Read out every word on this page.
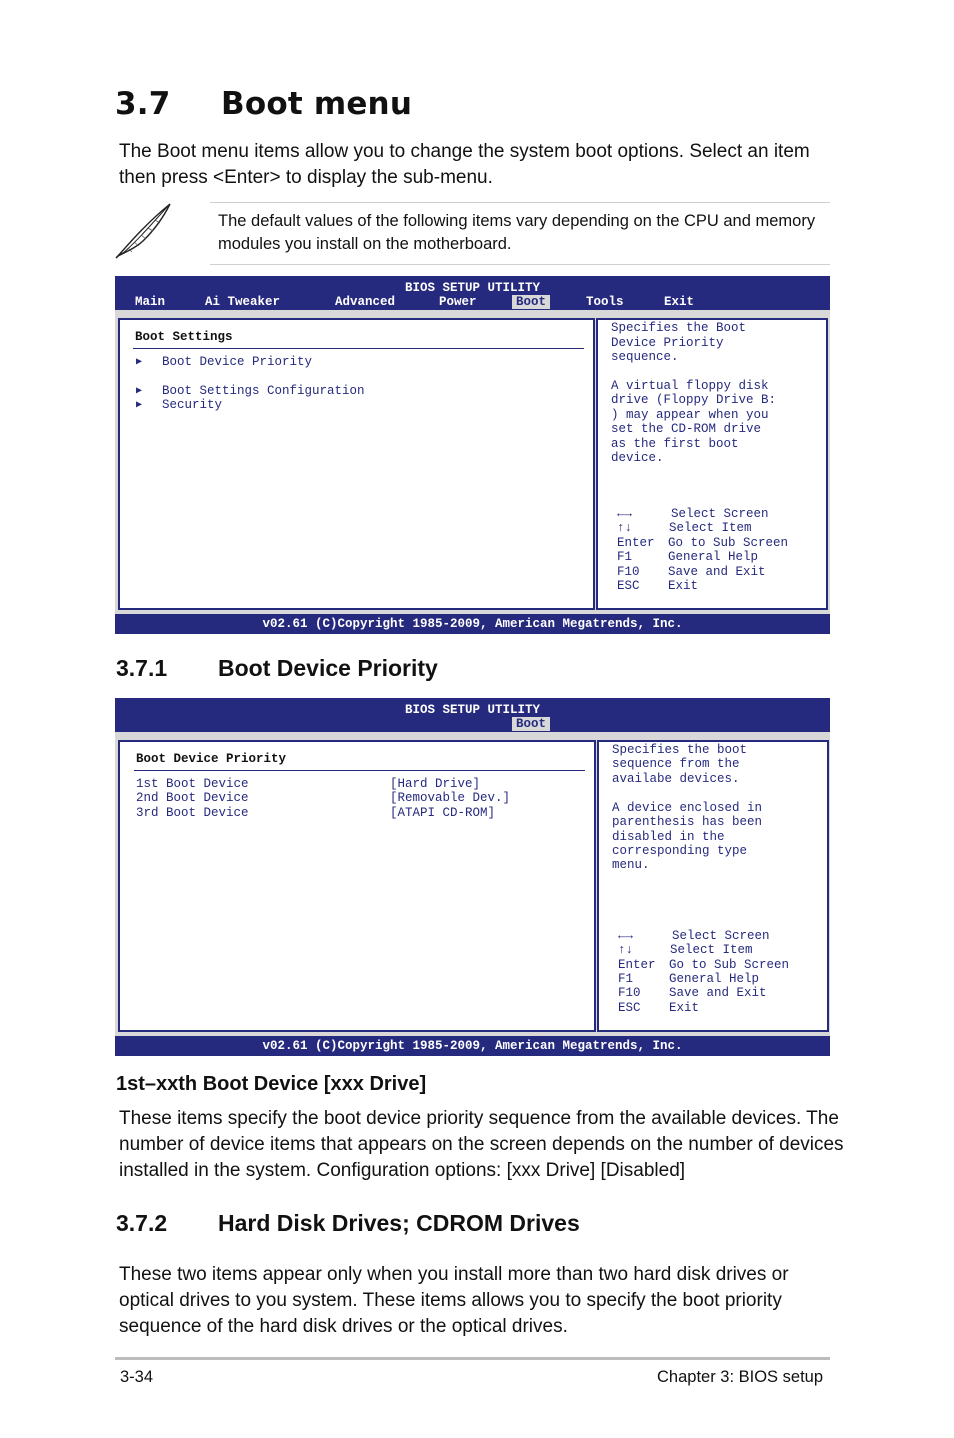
3.7 Boot menu

The Boot menu items allow you to change the system boot options. Select an item then press <Enter> to display the sub-menu.

The default values of the following items vary depending on the CPU and memory modules you install on the motherboard.

BIOS SETUP UTILITY
Main	Ai Tweaker	Advanced	Power	Boot	Tools	Exit
Boot Settings
▶ Boot Device Priority
▶ Boot Settings Configuration
▶ Security
Specifies the Boot
Device Priority
sequence.
A virtual floppy disk
drive (Floppy Drive B:
) may appear when you
set the CD-ROM drive
as the first boot
device.
←→	Select Screen
↑↓	Select Item
Enter Go to Sub Screen
F1	General Help
F10 Save and Exit
ESC Exit
v02.61 (C)Copyright 1985-2009, American Megatrends, Inc.
3.7.1 Boot Device Priority
BIOS SETUP UTILITY
Boot
Boot Device Priority
1st Boot Device	[Hard Drive]
2nd Boot Device	[Removable Dev.]
3rd Boot Device	[ATAPI CD-ROM]
Specifies the boot
sequence from the
availabe devices.
A device enclosed in
parenthesis has been
disabled in the
corresponding type
menu.
←→	Select Screen
↑↓	Select Item
Enter Go to Sub Screen
F1	General Help
F10 Save and Exit
ESC Exit
v02.61 (C)Copyright 1985-2009, American Megatrends, Inc.
1st–xxth Boot Device [xxx Drive]

These items specify the boot device priority sequence from the available devices. The number of device items that appears on the screen depends on the number of devices installed in the system. Configuration options: [xxx Drive] [Disabled]

3.7.2 Hard Disk Drives; CDROM Drives

These two items appear only when you install more than two hard disk drives or optical drives to you system. These items allows you to specify the boot priority sequence of the hard disk drives or the optical drives.

3-34	Chapter 3: BIOS setup
